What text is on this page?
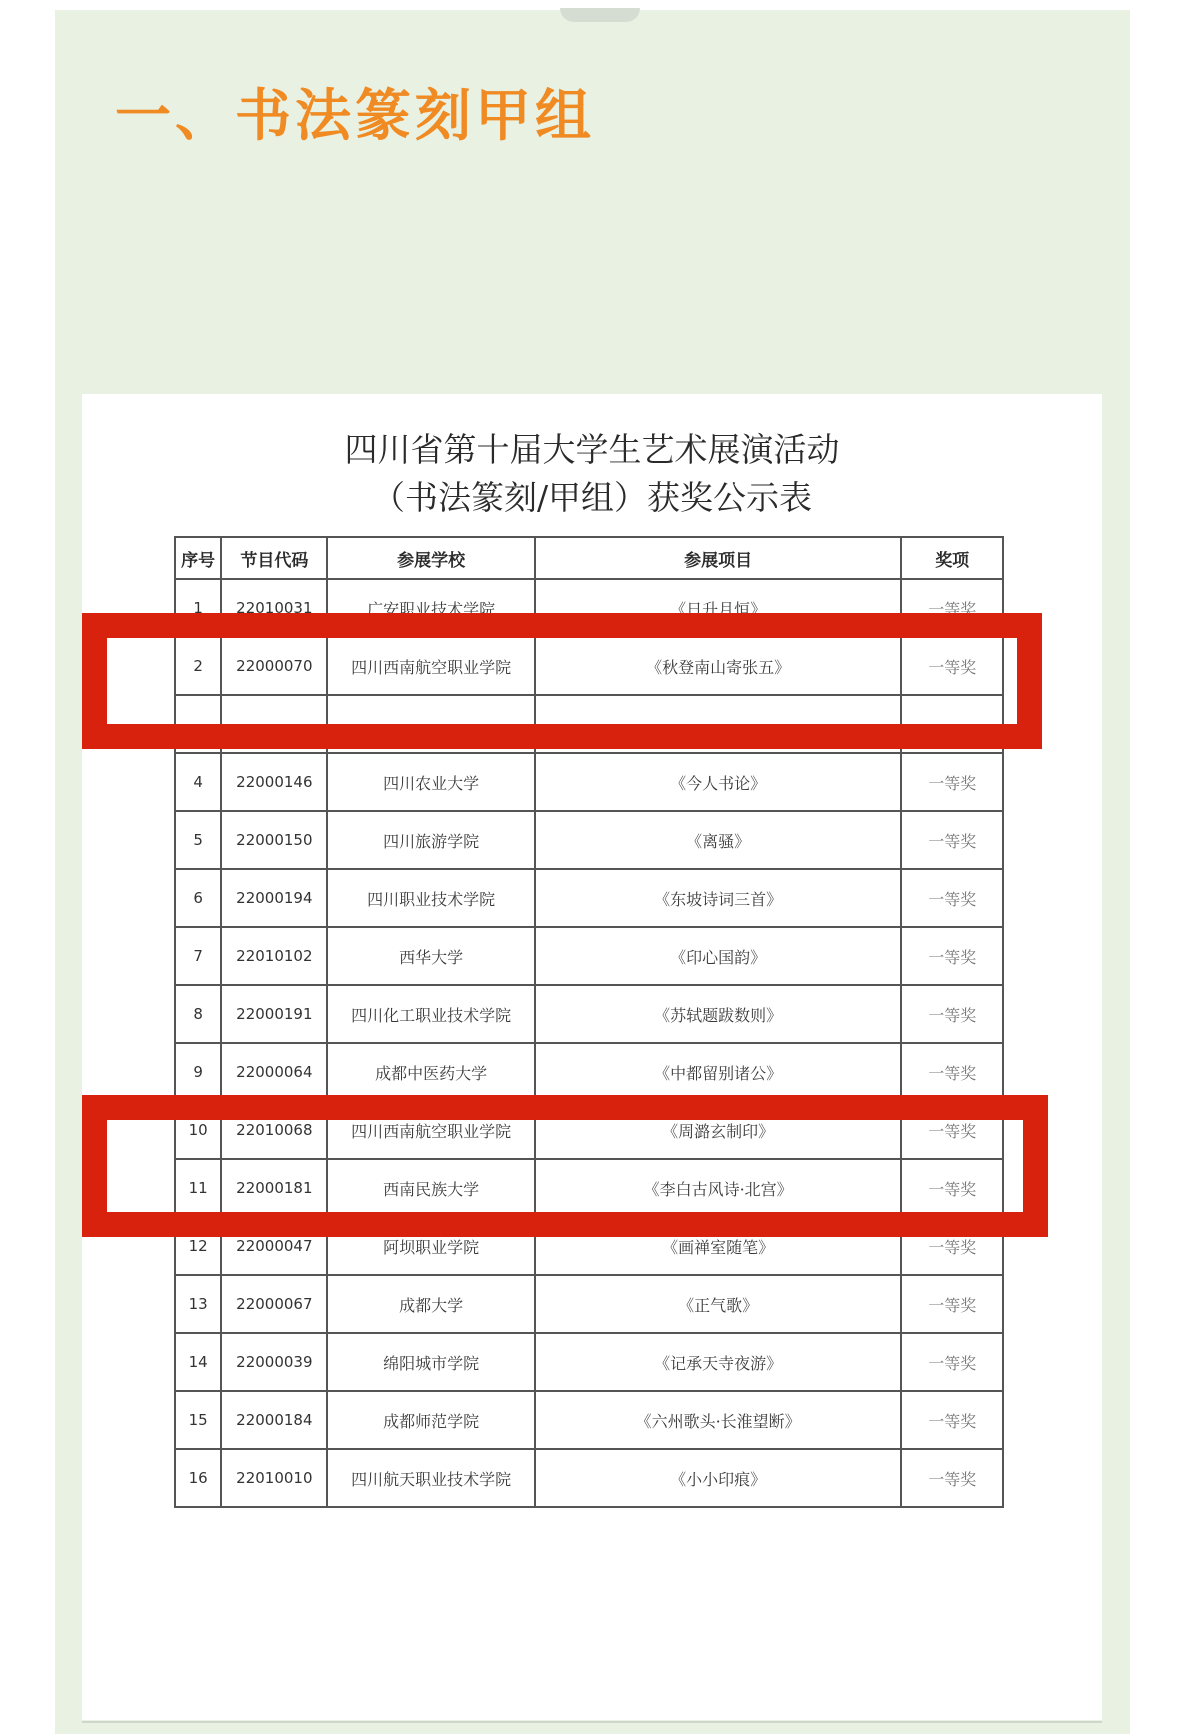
一、书法篆刻甲组
四川省第十届大学生艺术展演活动
（书法篆刻/甲组）获奖公示表
序号	节目代码	参展学校	参展项目	奖项
1	22010031	广安职业技术学院	《日升月恒》	一等奖
2	22000070	四川西南航空职业学院	《秋登南山寄张五》	一等奖

4	22000146	四川农业大学	《今人书论》	一等奖
5	22000150	四川旅游学院	《离骚》	一等奖
6	22000194	四川职业技术学院	《东坡诗词三首》	一等奖
7	22010102	西华大学	《印心国韵》	一等奖
8	22000191	四川化工职业技术学院	《苏轼题跋数则》	一等奖
9	22000064	成都中医药大学	《中都留别诸公》	一等奖
10	22010068	四川西南航空职业学院	《周潞玄制印》	一等奖
11	22000181	西南民族大学	《李白古风诗·北宫》	一等奖
12	22000047	阿坝职业学院	《画禅室随笔》	一等奖
13	22000067	成都大学	《正气歌》	一等奖
14	22000039	绵阳城市学院	《记承天寺夜游》	一等奖
15	22000184	成都师范学院	《六州歌头·长淮望断》	一等奖
16	22010010	四川航天职业技术学院	《小小印痕》	一等奖
